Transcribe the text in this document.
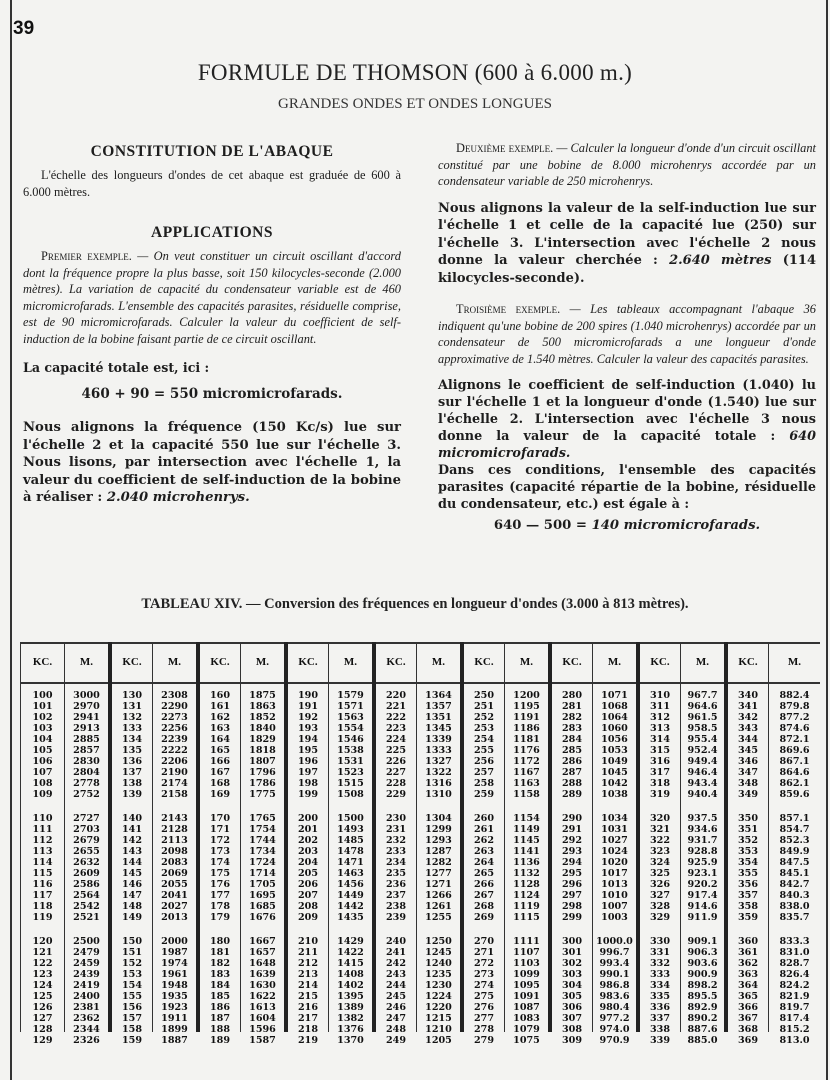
39
FORMULE DE THOMSON (600 à 6.000 m.)
GRANDES ONDES ET ONDES LONGUES
CONSTITUTION DE L'ABAQUE

L'échelle des longueurs d'ondes de cet abaque est graduée de 600 à 6.000 mètres.

APPLICATIONS

Premier exemple. — On veut constituer un circuit oscillant d'accord dont la fréquence propre la plus basse, soit 150 kilocycles-seconde (2.000 mètres). La variation de capacité du condensateur variable est de 460 micromicrofarads. L'ensemble des capacités parasites, résiduelle comprise, est de 90 micromicrofarads. Calculer la valeur du coefficient de self-induction de la bobine faisant partie de ce circuit oscillant.

La capacité totale est, ici :

460 + 90 = 550 micromicrofarads.

Nous alignons la fréquence (150 Kc/s) lue sur l'échelle 2 et la capacité 550 lue sur l'échelle 3. Nous lisons, par intersection avec l'échelle 1, la valeur du coefficient de self-induction de la bobine à réaliser : 2.040 microhenrys.

Deuxième exemple. — Calculer la longueur d'onde d'un circuit oscillant constitué par une bobine de 8.000 microhenrys accordée par un condensateur variable de 250 microhenrys.

Nous alignons la valeur de la self-induction lue sur l'échelle 1 et celle de la capacité lue (250) sur l'échelle 3. L'intersection avec l'échelle 2 nous donne la valeur cherchée : 2.640 mètres (114 kilocycles-seconde).

Troisième exemple. — Les tableaux accompagnant l'abaque 36 indiquent qu'une bobine de 200 spires (1.040 microhenrys) accordée par un condensateur de 500 micromicrofarads a une longueur d'onde approximative de 1.540 mètres. Calculer la valeur des capacités parasites.

Alignons le coefficient de self-induction (1.040) lu sur l'échelle 1 et la longueur d'onde (1.540) lue sur l'échelle 2. L'intersection avec l'échelle 3 nous donne la valeur de la capacité totale : 640 micromicrofarads.

Dans ces conditions, l'ensemble des capacités parasites (capacité répartie de la bobine, résiduelle du condensateur, etc.) est égale à :

640 — 500 = 140 micromicrofarads.

TABLEAU XIV. — Conversion des fréquences en longueur d'ondes (3.000 à 813 mètres).
KC.
100
101
102
103
104
105
106
107
108
109
110
111
112
113
114
115
116
117
118
119
120
121
122
123
124
125
126
127
128
129
M.
3000
2970
2941
2913
2885
2857
2830
2804
2778
2752
2727
2703
2679
2655
2632
2609
2586
2564
2542
2521
2500
2479
2459
2439
2419
2400
2381
2362
2344
2326
KC.
130
131
132
133
134
135
136
137
138
139
140
141
142
143
144
145
146
147
148
149
150
151
152
153
154
155
156
157
158
159
M.
2308
2290
2273
2256
2239
2222
2206
2190
2174
2158
2143
2128
2113
2098
2083
2069
2055
2041
2027
2013
2000
1987
1974
1961
1948
1935
1923
1911
1899
1887
KC.
160
161
162
163
164
165
166
167
168
169
170
171
172
173
174
175
176
177
178
179
180
181
182
183
184
185
186
187
188
189
M.
1875
1863
1852
1840
1829
1818
1807
1796
1786
1775
1765
1754
1744
1734
1724
1714
1705
1695
1685
1676
1667
1657
1648
1639
1630
1622
1613
1604
1596
1587
KC.
190
191
192
193
194
195
196
197
198
199
200
201
202
203
204
205
206
207
208
209
210
211
212
213
214
215
216
217
218
219
M.
1579
1571
1563
1554
1546
1538
1531
1523
1515
1508
1500
1493
1485
1478
1471
1463
1456
1449
1442
1435
1429
1422
1415
1408
1402
1395
1389
1382
1376
1370
KC.
220
221
222
223
224
225
226
227
228
229
230
231
232
233
234
235
236
237
238
239
240
241
242
243
244
245
246
247
248
249
M.
1364
1357
1351
1345
1339
1333
1327
1322
1316
1310
1304
1299
1293
1287
1282
1277
1271
1266
1261
1255
1250
1245
1240
1235
1230
1224
1220
1215
1210
1205
KC.
250
251
252
253
254
255
256
257
258
259
260
261
262
263
264
265
266
267
268
269
270
271
272
273
274
275
276
277
278
279
M.
1200
1195
1191
1186
1181
1176
1172
1167
1163
1158
1154
1149
1145
1141
1136
1132
1128
1124
1119
1115
1111
1107
1103
1099
1095
1091
1087
1083
1079
1075
KC.
280
281
282
283
284
285
286
287
288
289
290
291
292
293
294
295
296
297
298
299
300
301
302
303
304
305
306
307
308
309
M.
1071
1068
1064
1060
1056
1053
1049
1045
1042
1038
1034
1031
1027
1024
1020
1017
1013
1010
1007
1003
1000.0
996.7
993.4
990.1
986.8
983.6
980.4
977.2
974.0
970.9
KC.
310
311
312
313
314
315
316
317
318
319
320
321
322
323
324
325
326
327
328
329
330
331
332
333
334
335
336
337
338
339
M.
967.7
964.6
961.5
958.5
955.4
952.4
949.4
946.4
943.4
940.4
937.5
934.6
931.7
928.8
925.9
923.1
920.2
917.4
914.6
911.9
909.1
906.3
903.6
900.9
898.2
895.5
892.9
890.2
887.6
885.0
KC.
340
341
342
343
344
345
346
347
348
349
350
351
352
353
354
355
356
357
358
359
360
361
362
363
364
365
366
367
368
369
M.
882.4
879.8
877.2
874.6
872.1
869.6
867.1
864.6
862.1
859.6
857.1
854.7
852.3
849.9
847.5
845.1
842.7
840.3
838.0
835.7
833.3
831.0
828.7
826.4
824.2
821.9
819.7
817.4
815.2
813.0
